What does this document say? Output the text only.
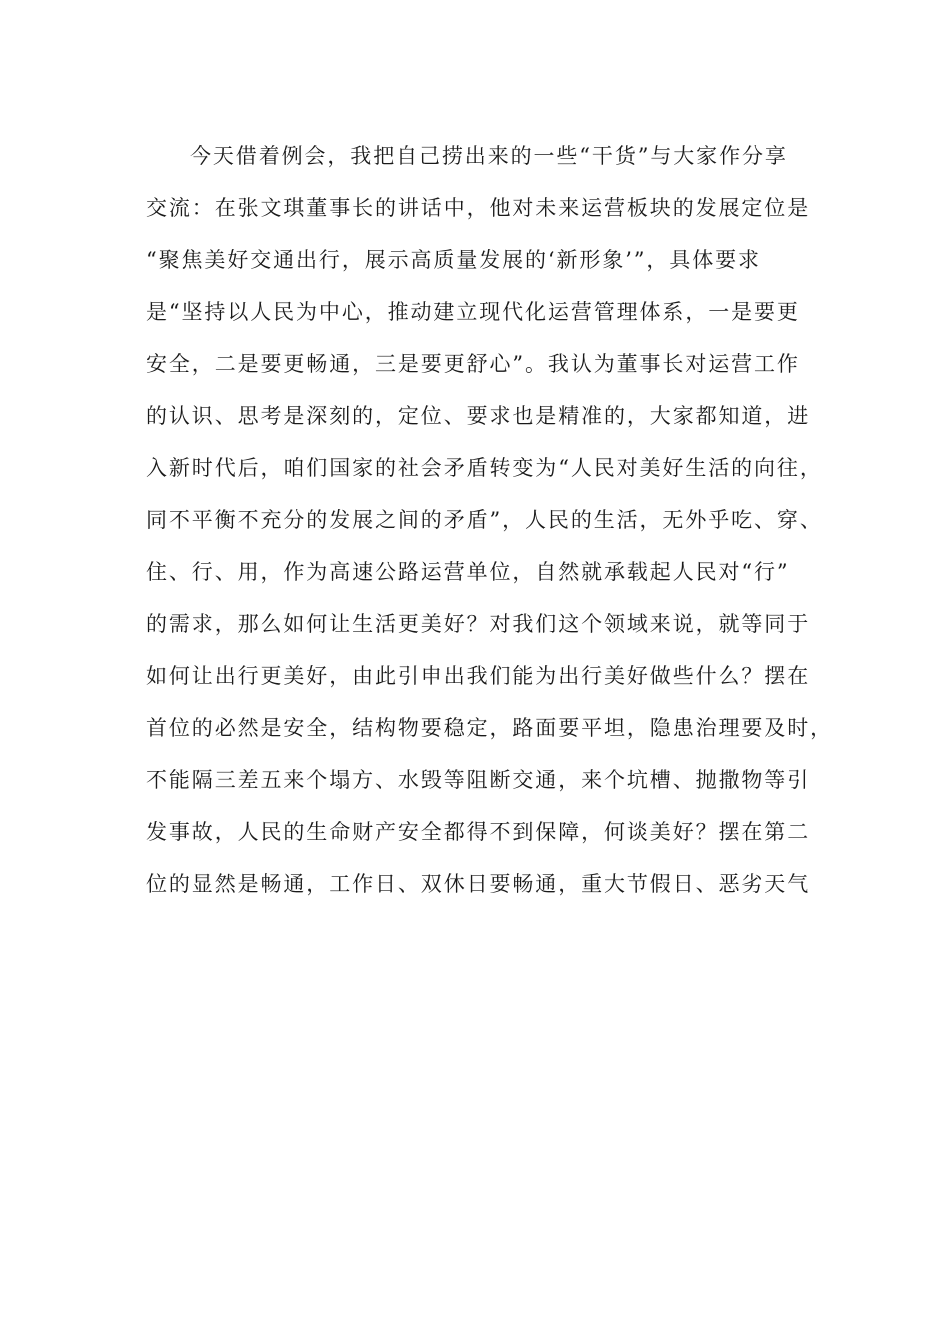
今天借着例会，我把自己捞出来的一些“干货”与大家作分享
交流：在张文琪董事长的讲话中，他对未来运营板块的发展定位是
“聚焦美好交通出行，展示高质量发展的‘新形象’”，具体要求
是“坚持以人民为中心，推动建立现代化运营管理体系，一是要更
安全，二是要更畅通，三是要更舒心”。我认为董事长对运营工作
的认识、思考是深刻的，定位、要求也是精准的，大家都知道，进
入新时代后，咱们国家的社会矛盾转变为“人民对美好生活的向往，
同不平衡不充分的发展之间的矛盾”，人民的生活，无外乎吃、穿、
住、行、用，作为高速公路运营单位，自然就承载起人民对“行”
的需求，那么如何让生活更美好？对我们这个领域来说，就等同于
如何让出行更美好，由此引申出我们能为出行美好做些什么？摆在
首位的必然是安全，结构物要稳定，路面要平坦，隐患治理要及时，
不能隔三差五来个塌方、水毁等阻断交通，来个坑槽、抛撒物等引
发事故，人民的生命财产安全都得不到保障，何谈美好？摆在第二
位的显然是畅通，工作日、双休日要畅通，重大节假日、恶劣天气
